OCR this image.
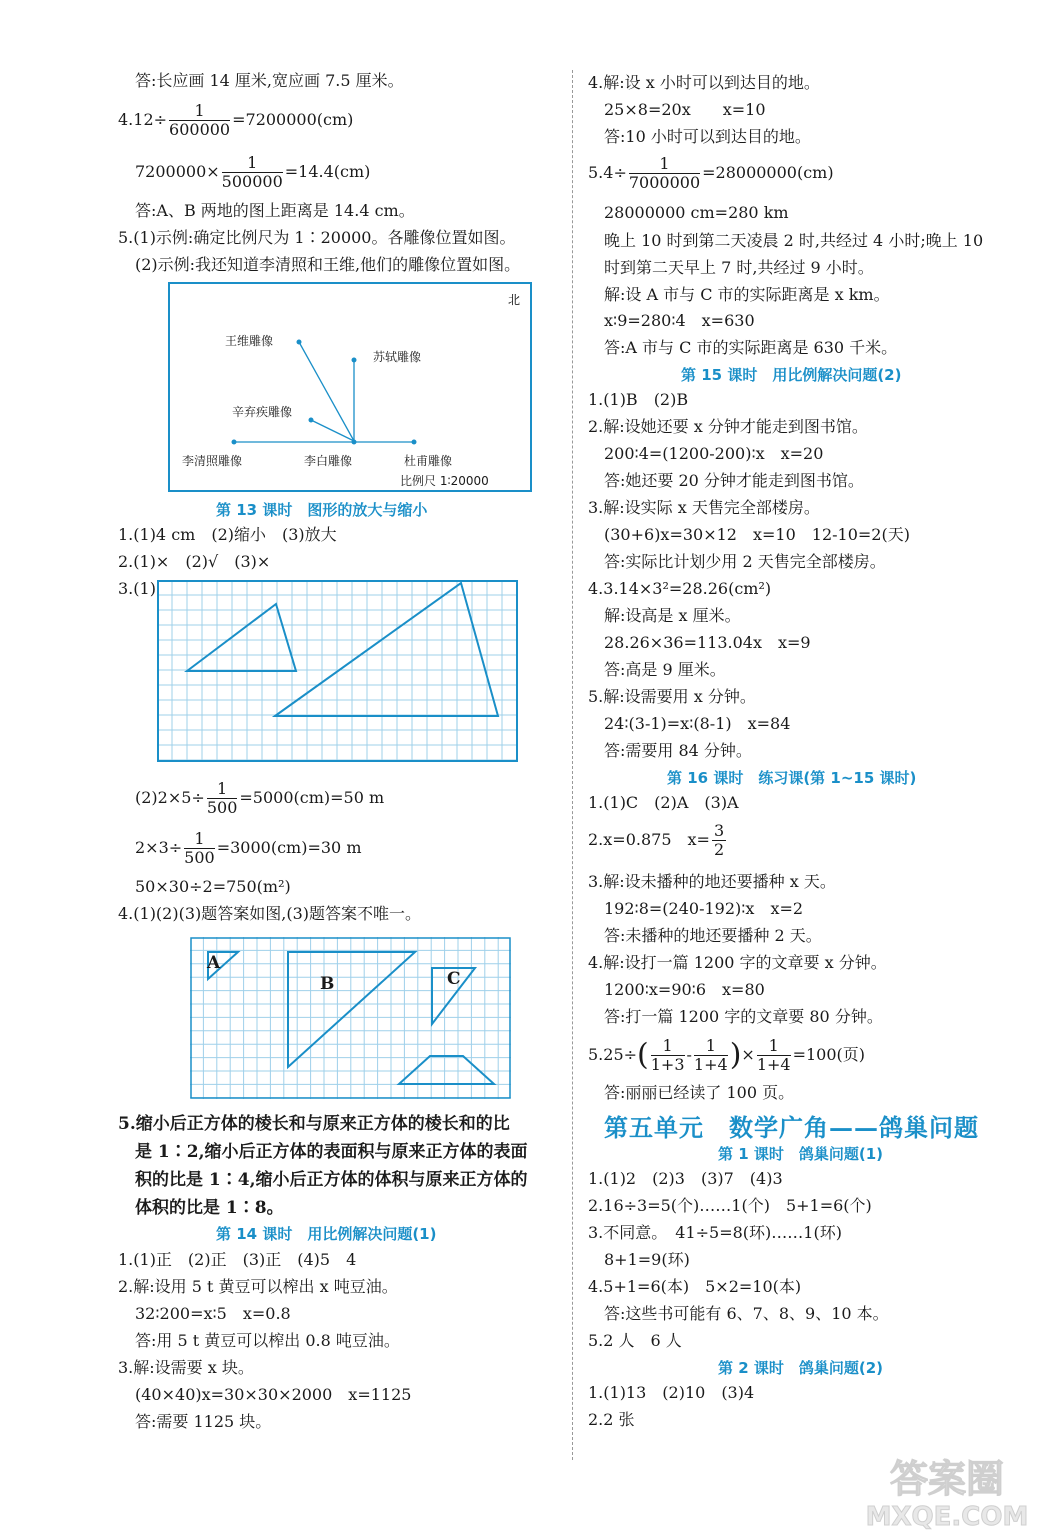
答:长应画 14 厘米,宽应画 7.5 厘米。
$4.12\div \frac{1}{600000} =7200000(cm)$
$7200000\times \frac{1}{500000} =14.4(cm)$
答:A、B 两地的图上距离是 14.4 cm。
5.(1)示例:确定比例尺为 1∶20000。各雕像位置如图。
(2)示例:我还知道李清照和王维,他们的雕像位置如图。
北
王维雕像
苏轼雕像
辛弃疾雕像
李清照雕像	李白雕像	杜甫雕像
比例尺 1∶20000
第 13 课时　图形的放大与缩小
1.(1)4 cm　(2)缩小　(3)放大
2.(1)×　(2)√　(3)×
3.(1)
$(2)2\times 5\div \frac{1}{500} =5000(cm)=50$ m
$2\times 3\div \frac{1}{500} =3000(cm)=30$ m
50×30÷2=750(m²)
4.(1)(2)(3)题答案如图,(3)题答案不唯一。
A
B	C
5.缩小后正方体的棱长和与原来正方体的棱长和的比
是 1∶2,缩小后正方体的表面积与原来正方体的表面
积的比是 1∶4,缩小后正方体的体积与原来正方体的
体积的比是 1∶8。
第 14 课时　用比例解决问题(1)
1.(1)正　(2)正　(3)正　(4)5　4
2.解:设用 5 t 黄豆可以榨出 x 吨豆油。
32∶200=x∶5　x=0.8
答:用 5 t 黄豆可以榨出 0.8 吨豆油。
3.解:设需要 x 块。
(40×40)x=30×30×2000　x=1125
答:需要 1125 块。
4.解:设 x 小时可以到达目的地。
25×8=20x　　x=10
答:10 小时可以到达目的地。
$5.4\div \frac{1}{7000000} =28000000(cm)$
28000000 cm=280 km
晚上 10 时到第二天凌晨 2 时,共经过 4 小时;晚上 10
时到第二天早上 7 时,共经过 9 小时。
解:设 A 市与 C 市的实际距离是 x km。
x∶9=280∶4　x=630
答:A 市与 C 市的实际距离是 630 千米。
第 15 课时　用比例解决问题(2)
1.(1)B　(2)B
2.解:设她还要 x 分钟才能走到图书馆。
200∶4=(1200-200)∶x　x=20
答:她还要 20 分钟才能走到图书馆。
3.解:设实际 x 天售完全部楼房。
(30+6)x=30×12　x=10　12-10=2(天)
答:实际比计划少用 2 天售完全部楼房。
4.3.14×3²=28.26(cm²)
解:设高是 x 厘米。
28.26×36=113.04x　x=9
答:高是 9 厘米。
5.解:设需要用 x 分钟。
24∶(3-1)=x∶(8-1)　x=84
答:需要用 84 分钟。
第 16 课时　练习课(第 1~15 课时)
1.(1)C　(2)A　(3)A
2.x=0.875　$x= \frac{3}{2}$
3.解:设未播种的地还要播种 x 天。
192∶8=(240-192)∶x　x=2
答:未播种的地还要播种 2 天。
4.解:设打一篇 1200 字的文章要 x 分钟。
1200∶x=90∶6　x=80
答:打一篇 1200 字的文章要 80 分钟。
$5.25\div( \frac{1}{1+3} - \frac{1}{1+4}$ )× $\frac{1}{1+4} =100$(页)
答:丽丽已经读了 100 页。
第五单元　数学广角——鸽巢问题
第 1 课时　鸽巢问题(1)
1.(1)2　(2)3　(3)7　(4)3
2.16÷3=5(个)……1(个)　5+1=6(个)
3.不同意。　41÷5=8(环)……1(环)
8+1=9(环)
4.5+1=6(本)　5×2=10(本)
答:这些书可能有 6、7、8、9、10 本。
5.2 人　6 人
第 2 课时　鸽巢问题(2)
1.(1)13　(2)10　(3)4
2.2 张
答案圈
MXQE.COM
